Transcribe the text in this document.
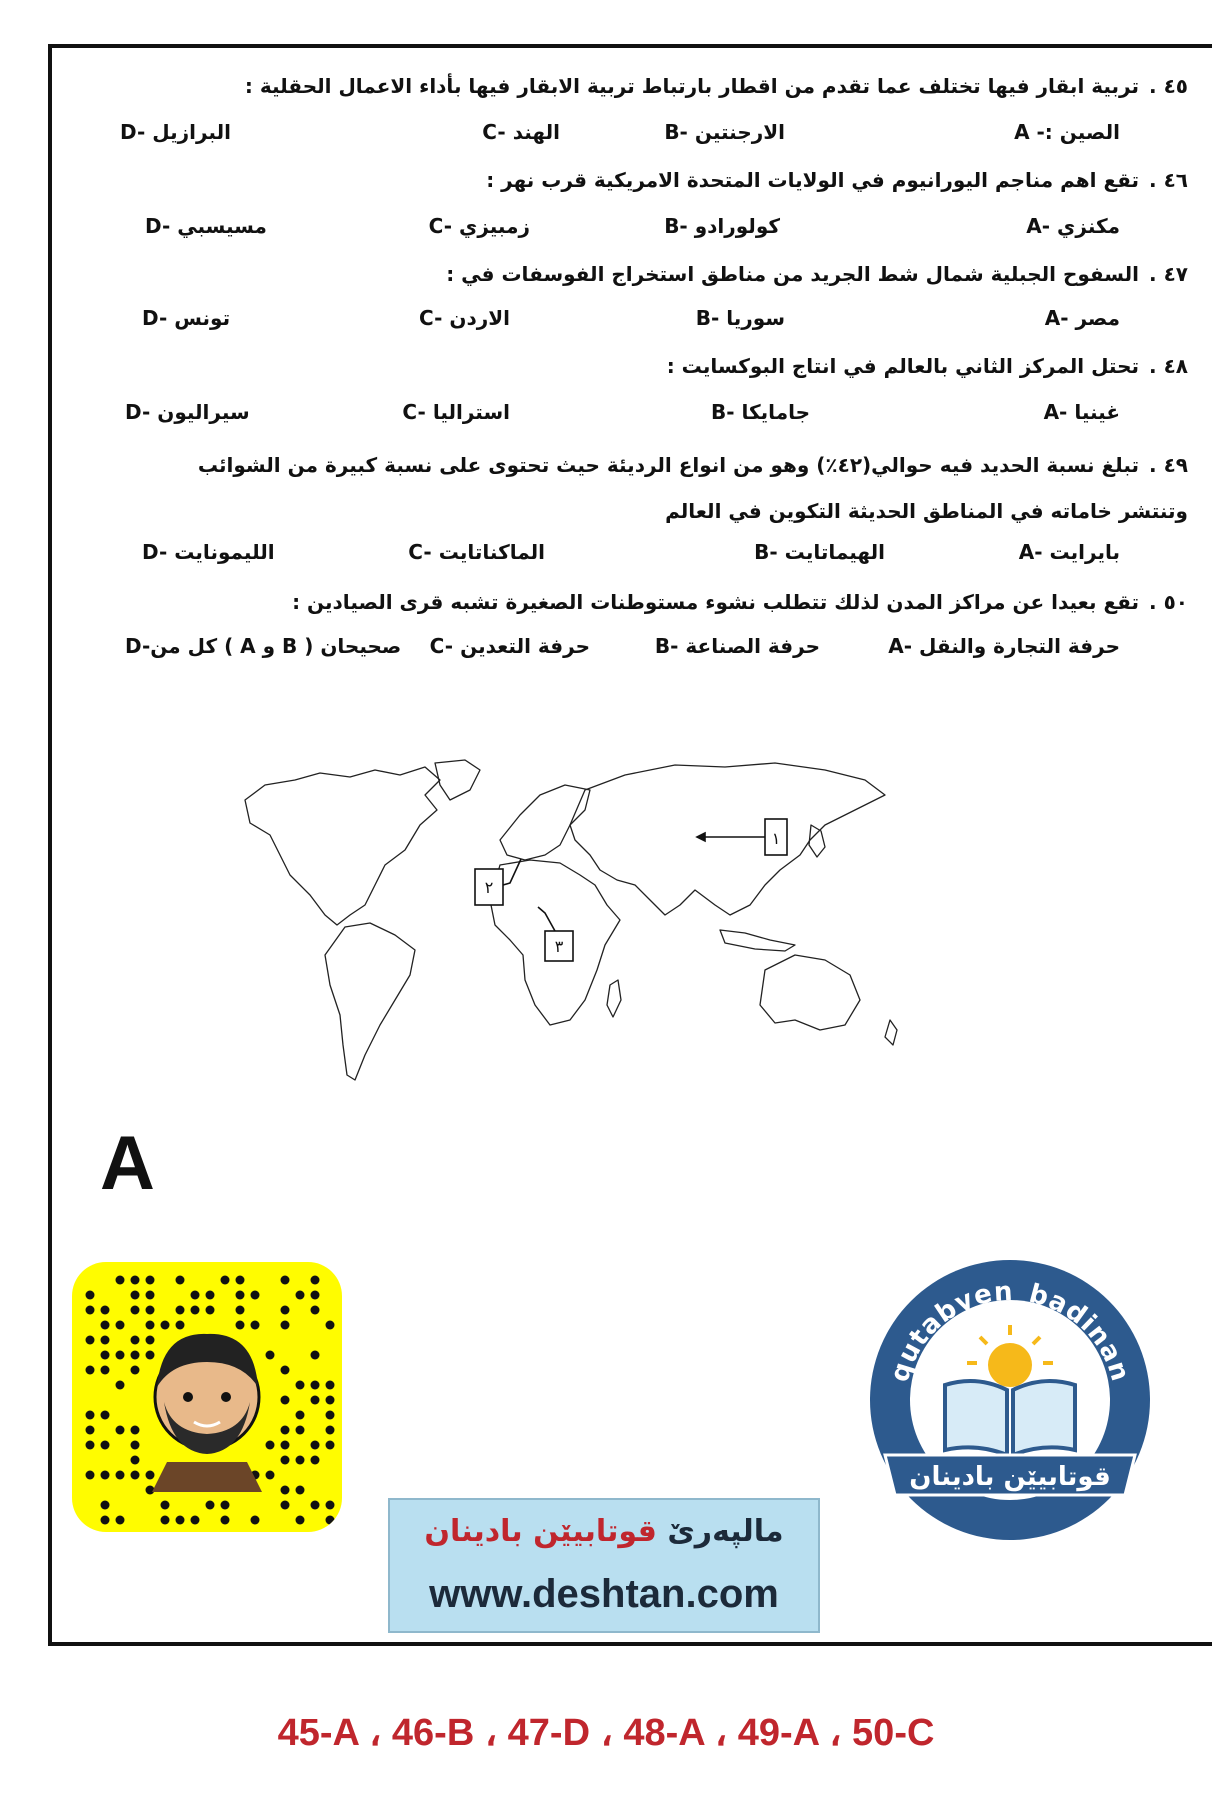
٤٥ .تربية ابقار فيها تختلف عما تقدم من اقطار بارتباط تربية الابقار فيها بأداء الاعمال الحقلية :
A -: الصين
B- الارجنتين
C- الهند
D- البرازيل
٤٦ .تقع اهم مناجم اليورانيوم في الولايات المتحدة الامريكية قرب نهر :
A- مكنزي
B- كولورادو
C- زمبيزي
D- مسيسبي
٤٧ .السفوح الجبلية شمال شط الجريد من مناطق استخراج الفوسفات في :
A- مصر
B- سوريا
C- الاردن
D- تونس
٤٨ .تحتل المركز الثاني بالعالم في انتاج البوكسايت :
A- غينيا
B- جامايكا
C- استراليا
D- سيراليون
٤٩ .تبلغ نسبة الحديد فيه حوالي(٤٢٪) وهو من انواع الرديئة حيث تحتوى على نسبة كبيرة من الشوائب وتنتشر خاماته في المناطق الحديثة التكوين في العالم
A- بايرايت
B- الهيماتايت
C- الماكناتايت
D- الليمونايت
٥٠ .تقع بعيدا عن مراكز المدن لذلك تتطلب نشوء مستوطنات الصغيرة تشبه قرى الصيادين :
A- حرفة التجارة والنقل
B- حرفة الصناعة
C- حرفة التعدين
D-كل من ( A و B ) صحيحان
١
٢
٣
A
qutabyen_badinan
قوتابيێن بادينان
مالپەرێ قوتابيێن بادينان
www.deshtan.com
45-A ، 46-B ، 47-D ، 48-A ، 49-A ، 50-C
